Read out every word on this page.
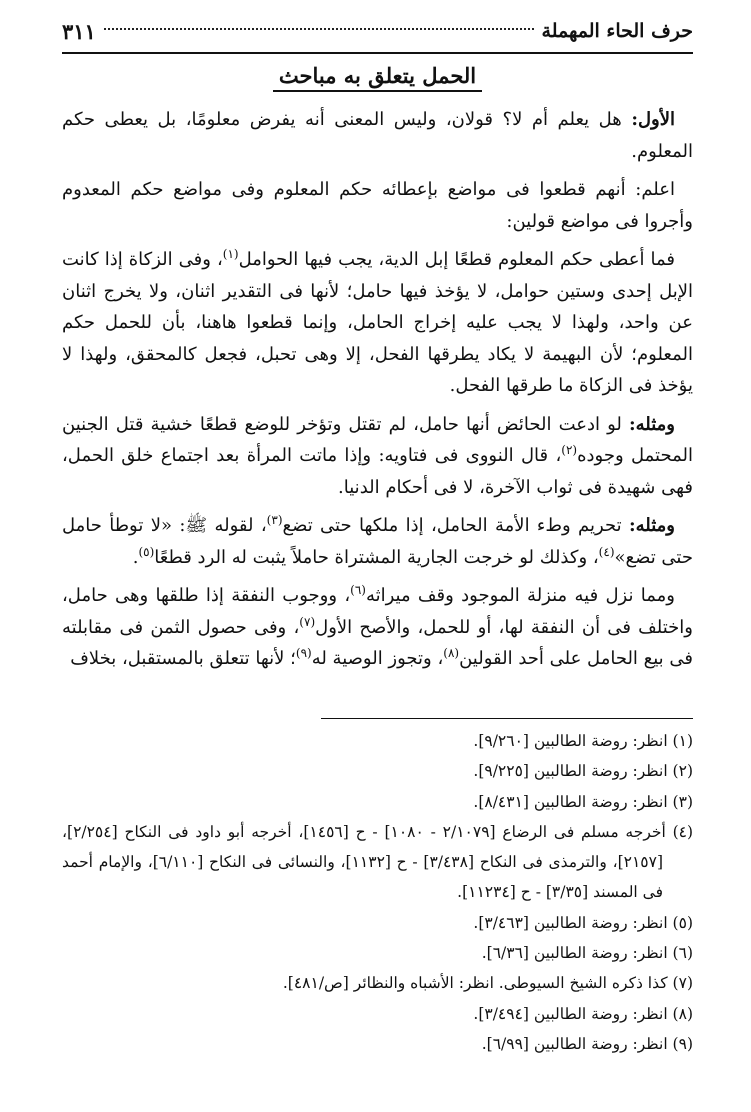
حرف الحاء المهملة
٣١١
الحمل يتعلق به مباحث

الأول: هل يعلم أم لا؟ قولان، وليس المعنى أنه يفرض معلومًا، بل يعطى حكم المعلوم.

اعلم: أنهم قطعوا فى مواضع بإعطائه حكم المعلوم وفى مواضع حكم المعدوم وأجروا فى مواضع قولين:

فما أعطى حكم المعلوم قطعًا إبل الدية، يجب فيها الحوامل$^{(١)}$، وفى الزكاة إذا كانت الإبل إحدى وستين حوامل، لا يؤخذ فيها حامل؛ لأنها فى التقدير اثنان، ولا يخرج اثنان عن واحد، ولهذا لا يجب عليه إخراج الحامل، وإنما قطعوا هاهنا، بأن للحمل حكم المعلوم؛ لأن البهيمة لا يكاد يطرقها الفحل، إلا وهى تحبل، فجعل كالمحقق، ولهذا لا يؤخذ فى الزكاة ما طرقها الفحل.

ومثله: لو ادعت الحائض أنها حامل، لم تقتل وتؤخر للوضع قطعًا خشية قتل الجنين المحتمل وجوده$^{(٢)}$، قال النووى فى فتاويه: وإذا ماتت المرأة بعد اجتماع خلق الحمل، فهى شهيدة فى ثواب الآخرة، لا فى أحكام الدنيا.

ومثله: تحريم وطء الأمة الحامل، إذا ملكها حتى تضع$^{(٣)}$، لقوله ﷺ: «لا توطأ حامل حتى تضع»$^{(٤)}$، وكذلك لو خرجت الجارية المشتراة حاملاً يثبت له الرد قطعًا$^{(٥)}$.

ومما نزل فيه منزلة الموجود وقف ميراثه$^{(٦)}$، ووجوب النفقة إذا طلقها وهى حامل، واختلف فى أن النفقة لها، أو للحمل، والأصح الأول$^{(٧)}$، وفى حصول الثمن فى مقابلته فى بيع الحامل على أحد القولين$^{(٨)}$، وتجوز الوصية له$^{(٩)}$؛ لأنها تتعلق بالمستقبل، بخلاف

(١) انظر: روضة الطالبين [٩/٢٦٠].

(٢) انظر: روضة الطالبين [٩/٢٢٥].

(٣) انظر: روضة الطالبين [٨/٤٣١].

(٤) أخرجه مسلم فى الرضاع [٢/١٠٧٩ - ١٠٨٠] - ح [١٤٥٦]، أخرجه أبو داود فى النكاح [٢/٢٥٤]، [٢١٥٧]، والترمذى فى النكاح [٣/٤٣٨] - ح [١١٣٢]، والنسائى فى النكاح [٦/١١٠]، والإمام أحمد فى المسند [٣/٣٥] - ح [١١٢٣٤].

(٥) انظر: روضة الطالبين [٣/٤٦٣].

(٦) انظر: روضة الطالبين [٦/٣٦].

(٧) كذا ذكره الشيخ السيوطى. انظر: الأشباه والنظائر [ص/٤٨١].

(٨) انظر: روضة الطالبين [٣/٤٩٤].

(٩) انظر: روضة الطالبين [٦/٩٩].
